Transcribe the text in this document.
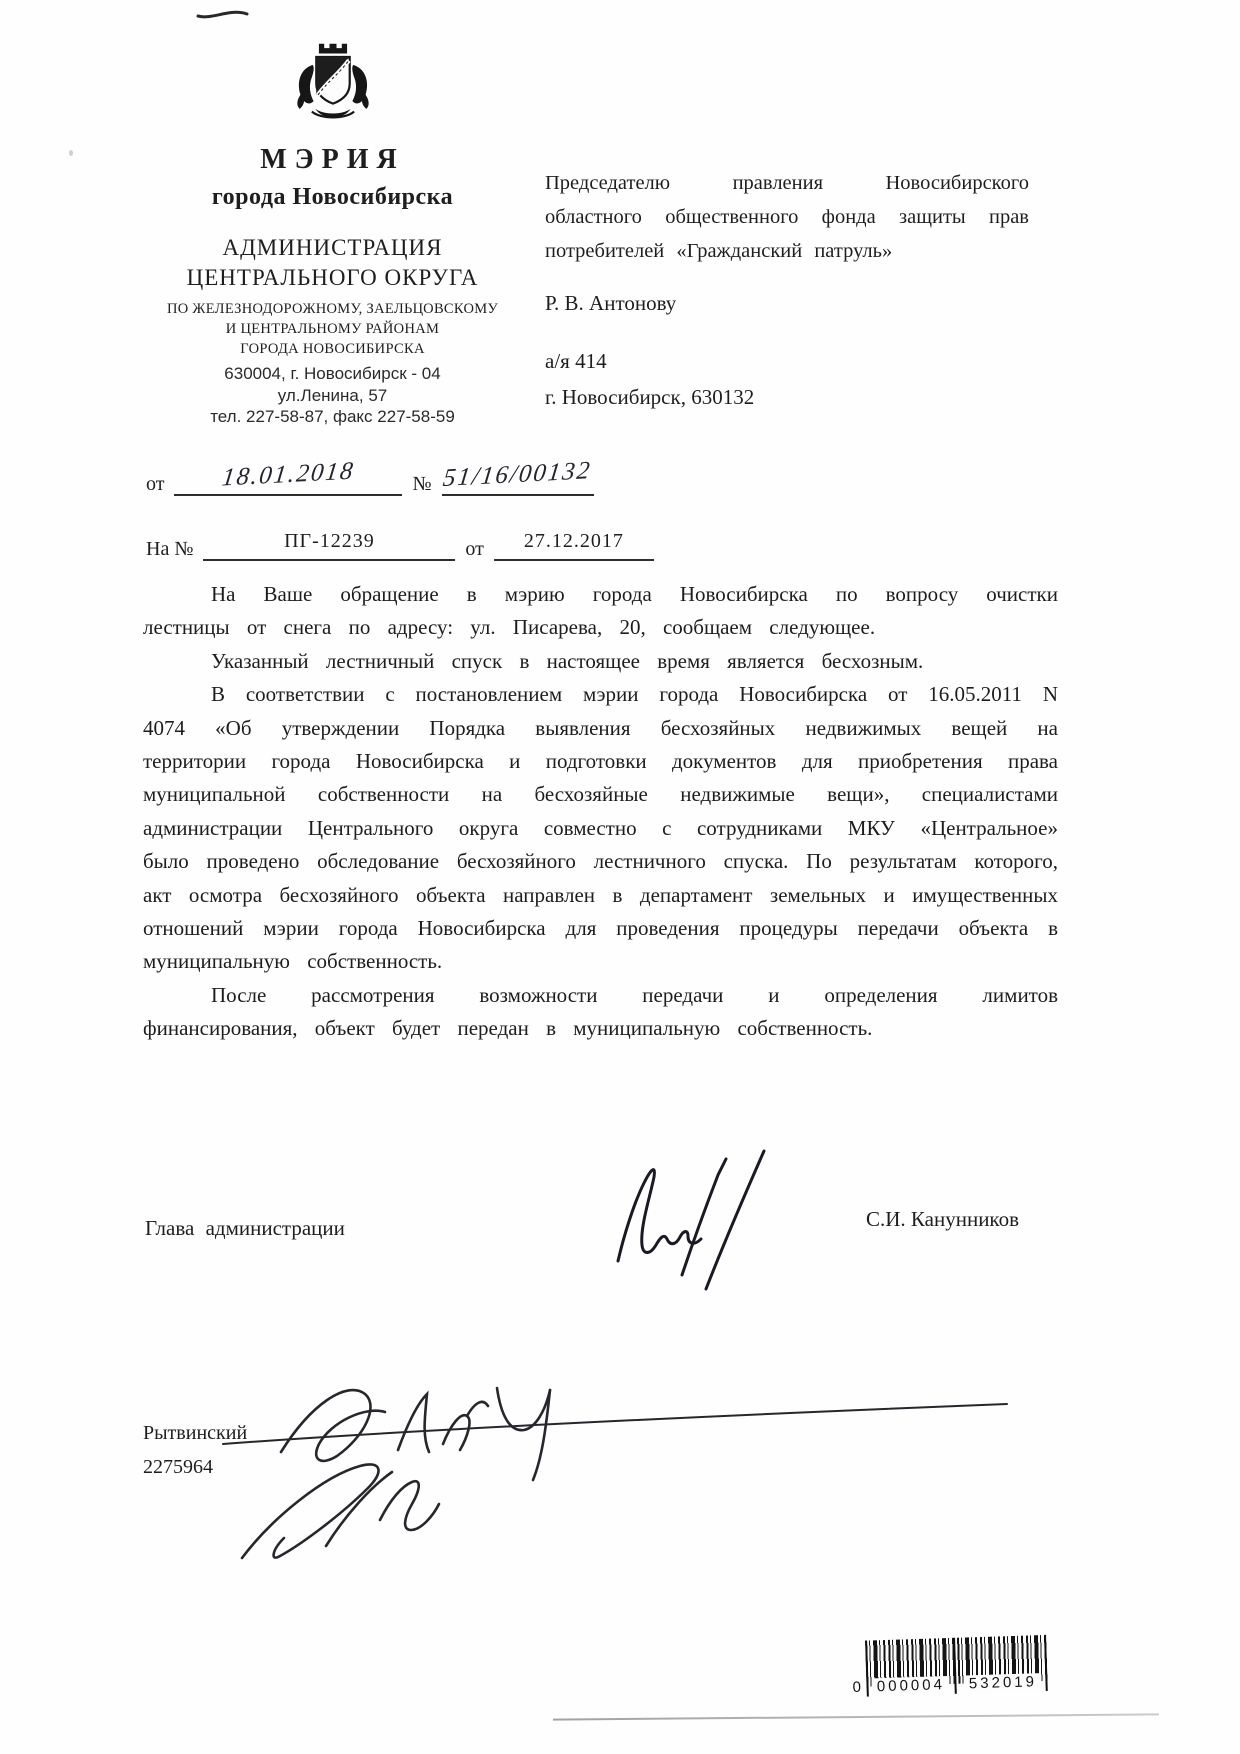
МЭРИЯ
города Новосибирска
АДМИНИСТРАЦИЯ
ЦЕНТРАЛЬНОГО ОКРУГА
ПО ЖЕЛЕЗНОДОРОЖНОМУ, ЗАЕЛЬЦОВСКОМУ
И ЦЕНТРАЛЬНОМУ РАЙОНАМ
ГОРОДА НОВОСИБИРСКА
630004, г. Новосибирск - 04
ул.Ленина, 57
тел. 227-58-87, факс 227-58-59
от 18.01.2018	№ 51/16/00132
На №	ПГ-12239	от 27.12.2017
Председателю правления Новосибирского областного общественного фонда защиты прав потребителей «Гражданский патруль»
Р. В. Антонову
а/я 414
г. Новосибирск, 630132

На Ваше обращение в мэрию города Новосибирска по вопросу очистки лестницы от снега по адресу: ул. Писарева, 20, сообщаем следующее.

Указанный лестничный спуск в настоящее время является бесхозным.

В соответствии с постановлением мэрии города Новосибирска от 16.05.2011 N 4074 «Об утверждении Порядка выявления бесхозяйных недвижимых вещей на территории города Новосибирска и подготовки документов для приобретения права муниципальной собственности на бесхозяйные недвижимые вещи», специалистами администрации Центрального округа совместно с сотрудниками МКУ «Центральное» было проведено обследование бесхозяйного лестничного спуска. По результатам которого, акт осмотра бесхозяйного объекта направлен в департамент земельных и имущественных отношений мэрии города Новосибирска для проведения процедуры передачи объекта в муниципальную собственность.

После рассмотрения возможности передачи и определения лимитов финансирования, объект будет передан в муниципальную собственность.

Глава администрации	С.И. Канунников
Рытвинский
2275964
0 000004 532019
